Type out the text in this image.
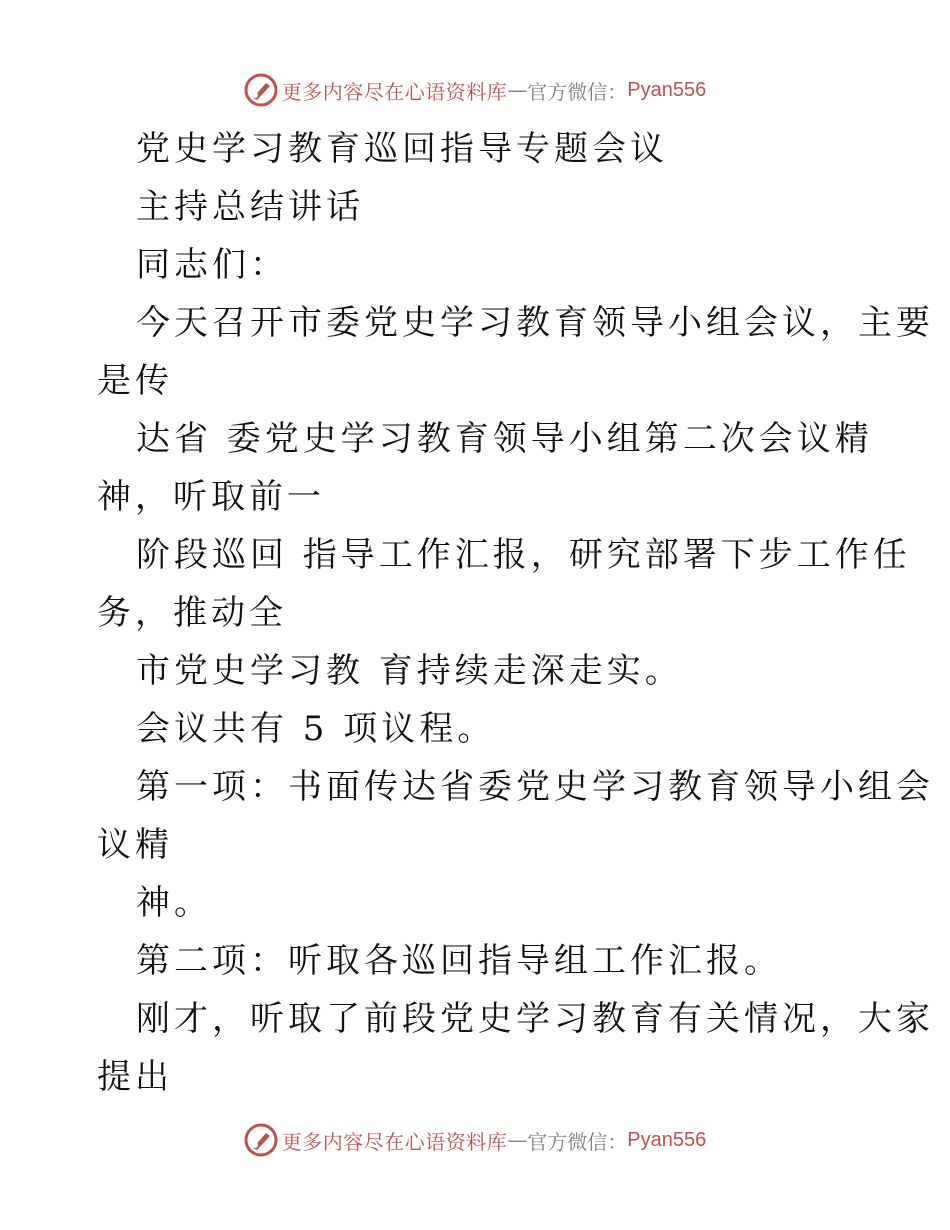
更多内容尽在心语资料库 — 官方微信： Pyan556
党史学习教育巡回指导专题会议
主持总结讲话
同志们：
今天召开市委党史学习教育领导小组会议，主要
是传
达省 委党史学习教育领导小组第二次会议精
神，听取前一
阶段巡回 指导工作汇报，研究部署下步工作任
务，推动全
市党史学习教 育持续走深走实。
会议共有 5 项议程。
第一项：书面传达省委党史学习教育领导小组会
议精
神。
第二项：听取各巡回指导组工作汇报。
刚才，听取了前段党史学习教育有关情况，大家
提出
更多内容尽在心语资料库 — 官方微信： Pyan556
